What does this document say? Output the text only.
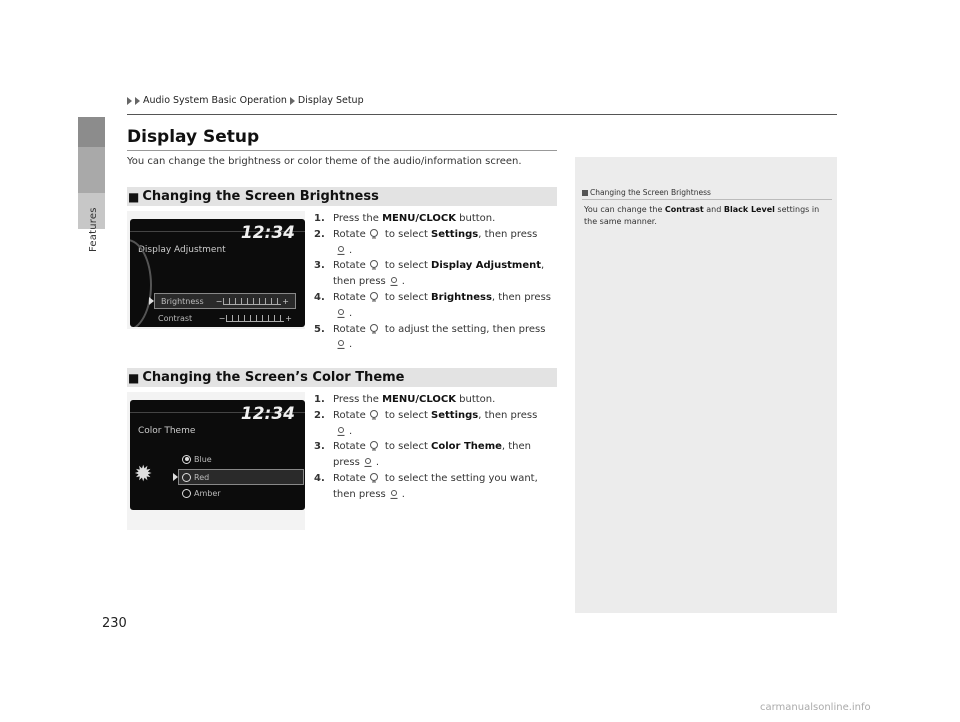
Features
Audio System Basic Operation Display Setup
Display Setup
You can change the brightness or color theme of the audio/information screen.
■ Changing the Screen Brightness
12:34
Display Adjustment
Brightness −	+
Contrast	−	+
1. Press the MENU/CLOCK button.
2. Rotate to select Settings, then press
.
3. Rotate to select Display Adjustment,
then press .
4. Rotate to select Brightness, then press
.
5. Rotate to adjust the setting, then press
.
■ Changing the Screen’s Color Theme
12:34
Color Theme
✹
Blue
Red
Amber
1. Press the MENU/CLOCK button.
2. Rotate to select Settings, then press
.
3. Rotate to select Color Theme, then
press .
4. Rotate to select the setting you want,
then press .
Changing the Screen Brightness
You can change the Contrast and Black Level settings in the same manner.
230
carmanualsonline.info
